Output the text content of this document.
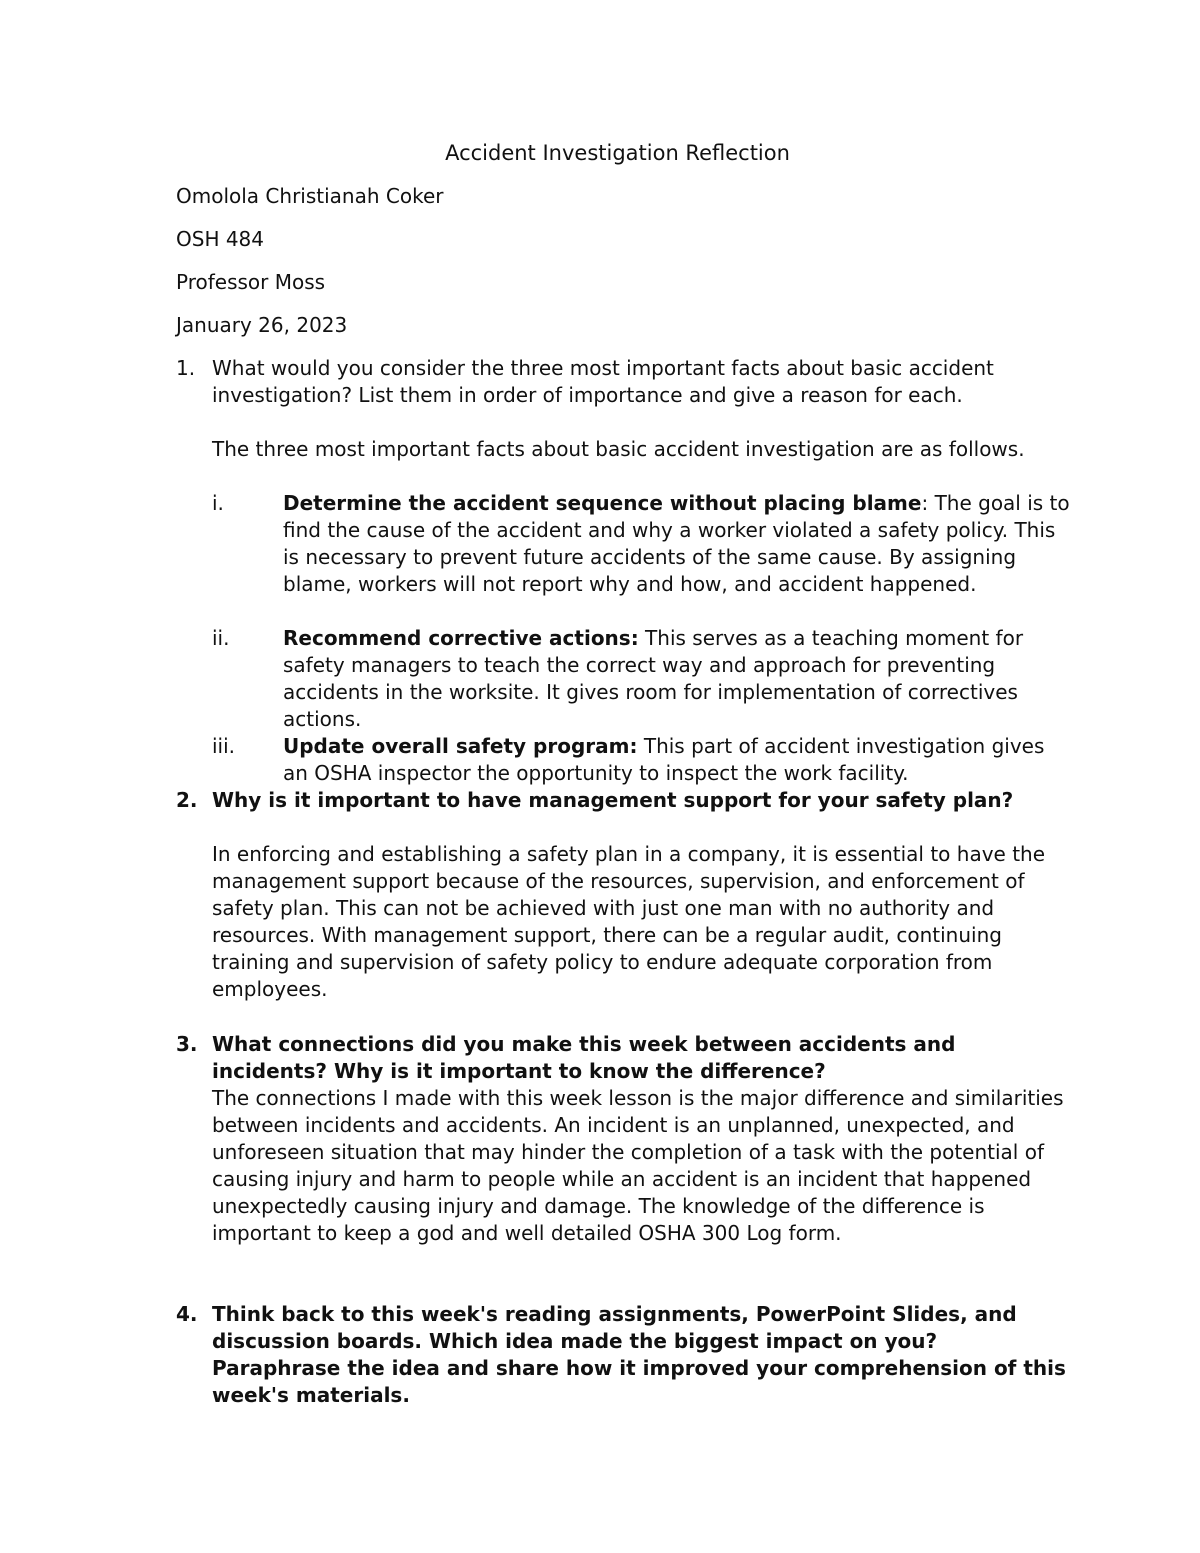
Accident Investigation Reflection

Omolola Christianah Coker

OSH 484

Professor Moss

January 26, 2023

1. What would you consider the three most important facts about basic accident investigation? List them in order of importance and give a reason for each.

The three most important facts about basic accident investigation are as follows.

i.	Determine the accident sequence without placing blame: The goal is to find the cause of the accident and why a worker violated a safety policy. This is necessary to prevent future accidents of the same cause. By assigning blame, workers will not report why and how, and accident happened.

ii.	Recommend corrective actions: This serves as a teaching moment for safety managers to teach the correct way and approach for preventing accidents in the worksite. It gives room for implementation of correctives actions.

iii. Update overall safety program: This part of accident investigation gives an OSHA inspector the opportunity to inspect the work facility.

2. Why is it important to have management support for your safety plan?

In enforcing and establishing a safety plan in a company, it is essential to have the management support because of the resources, supervision, and enforcement of safety plan. This can not be achieved with just one man with no authority and resources. With management support, there can be a regular audit, continuing training and supervision of safety policy to endure adequate corporation from employees.

3. What connections did you make this week between accidents and incidents? Why is it important to know the difference?

The connections I made with this week lesson is the major difference and similarities between incidents and accidents. An incident is an unplanned, unexpected, and unforeseen situation that may hinder the completion of a task with the potential of causing injury and harm to people while an accident is an incident that happened unexpectedly causing injury and damage. The knowledge of the difference is important to keep a god and well detailed OSHA 300 Log form.

4. Think back to this week's reading assignments, PowerPoint Slides, and discussion boards. Which idea made the biggest impact on you? Paraphrase the idea and share how it improved your comprehension of this week's materials.
